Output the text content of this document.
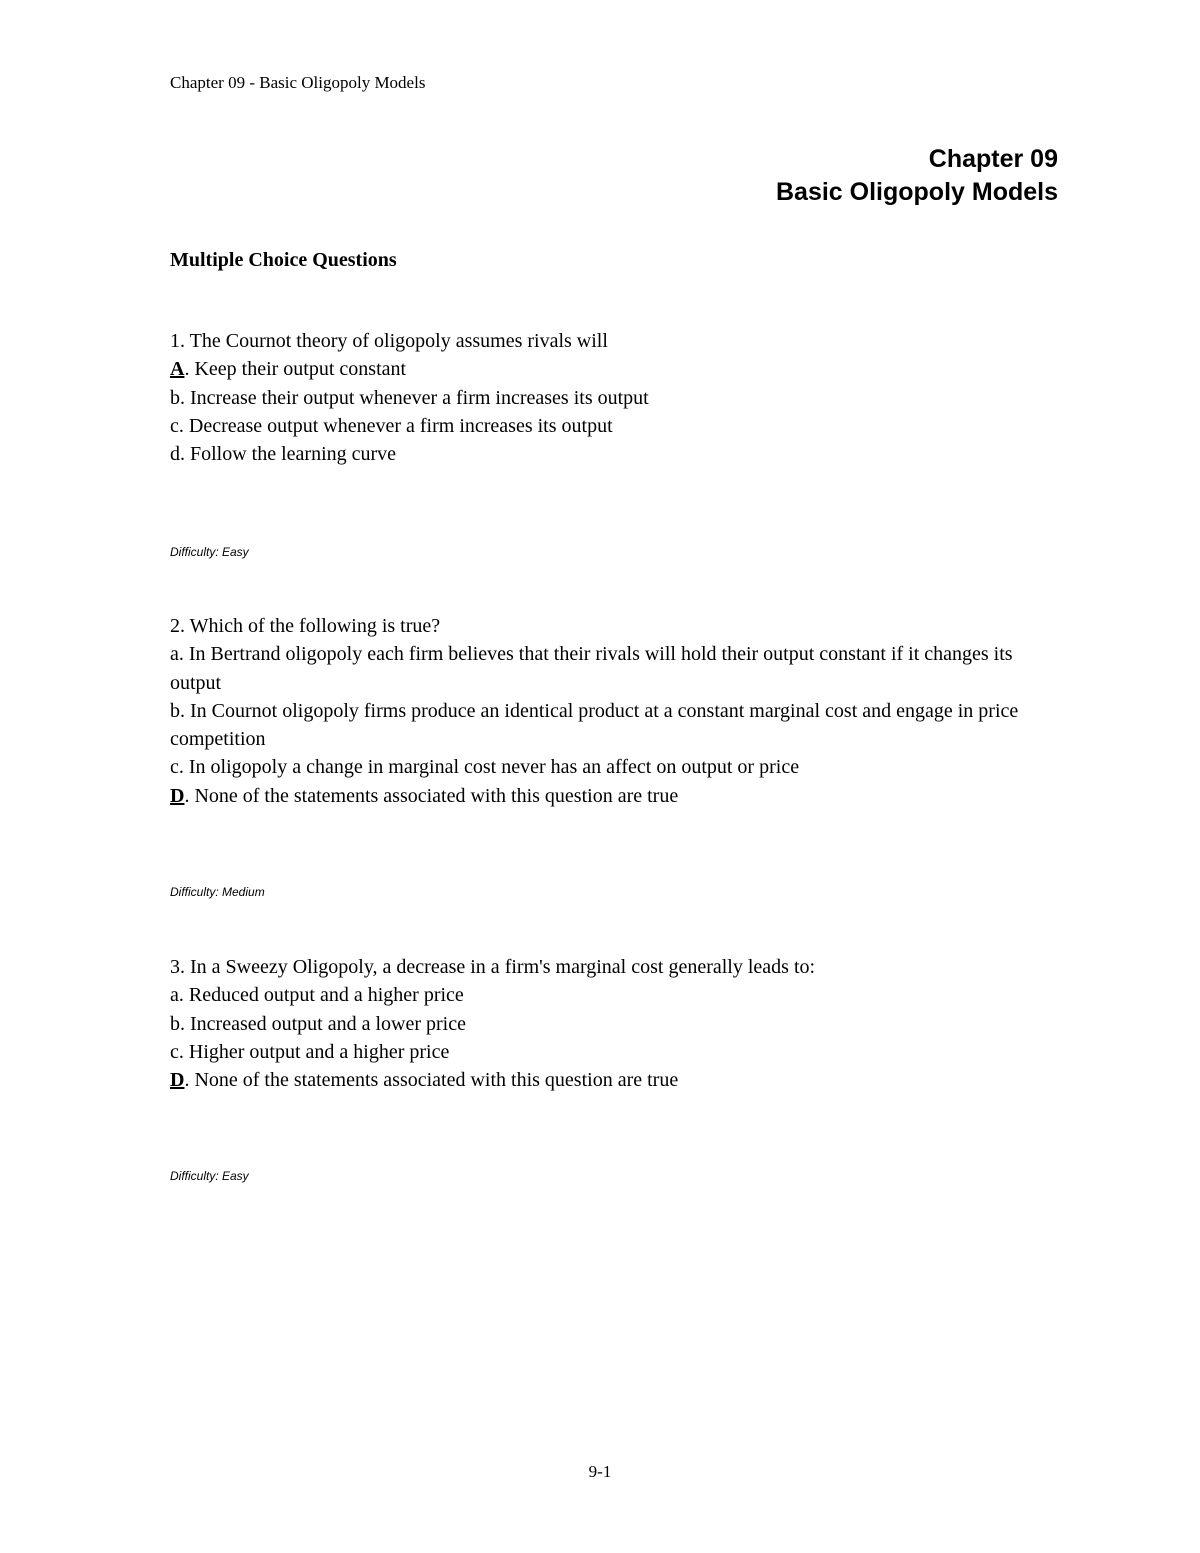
Chapter 09 - Basic Oligopoly Models
Chapter 09
Basic Oligopoly Models
Multiple Choice Questions

1. The Cournot theory of oligopoly assumes rivals will

A. Keep their output constant

b. Increase their output whenever a firm increases its output

c. Decrease output whenever a firm increases its output

d. Follow the learning curve

Difficulty: Easy

2. Which of the following is true?

a. In Bertrand oligopoly each firm believes that their rivals will hold their output constant if it changes its output

b. In Cournot oligopoly firms produce an identical product at a constant marginal cost and engage in price competition

c. In oligopoly a change in marginal cost never has an affect on output or price

D. None of the statements associated with this question are true

Difficulty: Medium

3. In a Sweezy Oligopoly, a decrease in a firm's marginal cost generally leads to:

a. Reduced output and a higher price

b. Increased output and a lower price

c. Higher output and a higher price

D. None of the statements associated with this question are true

Difficulty: Easy
9-1
